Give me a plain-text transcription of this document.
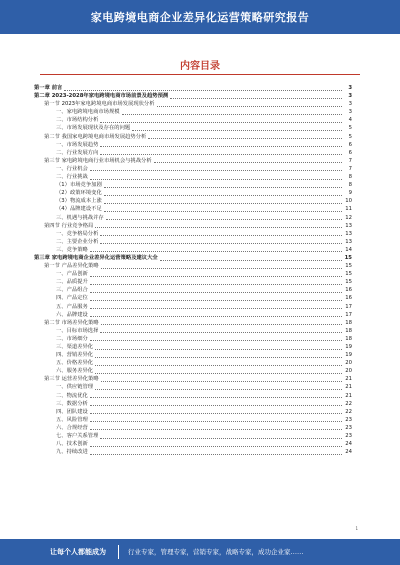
家电跨境电商企业差异化运营策略研究报告
内容目录
第一章 前言	3
第二章 2023-2028年家电跨境电商市场前景及趋势预测	3
第一节 2023年家电跨境电商市场发展现状分析	3
一、家电跨境电商市场规模	3
二、市场结构分析	4
三、市场发展现状及存在的问题	5
第二节 我国家电跨境电商市场发展趋势分析	5
一、市场发展趋势	6
二、行业发展方向	6
第三节 家电跨境电商行业市场机会与挑战分析	7
一、行业机会	7
二、行业挑战	8
（1）市场竞争加剧	8
（2）政策环境变化	9
（3）物流成本上涨	10
（4）品牌建设不足	11
三、机遇与挑战并存	12
第四节 行业竞争格局	13
一、竞争格局分析	13
二、主要企业分析	13
三、竞争策略	14
第三章 家电跨境电商企业差异化运营策略及建议大全	15
第一节 产品差异化策略	15
一、产品创新	15
二、品质提升	15
三、产品组合	16
四、产品定位	16
五、产品服务	17
六、品牌建设	17
第二节 市场差异化策略	18
一、目标市场选择	18
二、市场细分	18
三、渠道差异化	19
四、营销差异化	19
五、价格差异化	20
六、服务差异化	20
第三节 运营差异化策略	21
一、供应链管理	21
二、物流优化	21
三、数据分析	22
四、团队建设	22
五、风险管理	23
六、合规经营	23
七、客户关系管理	23
八、技术创新	24
九、持续改进	24
1
让每个人都能成为	行业专家，管理专家，营销专家，战略专家，成功企业家……
